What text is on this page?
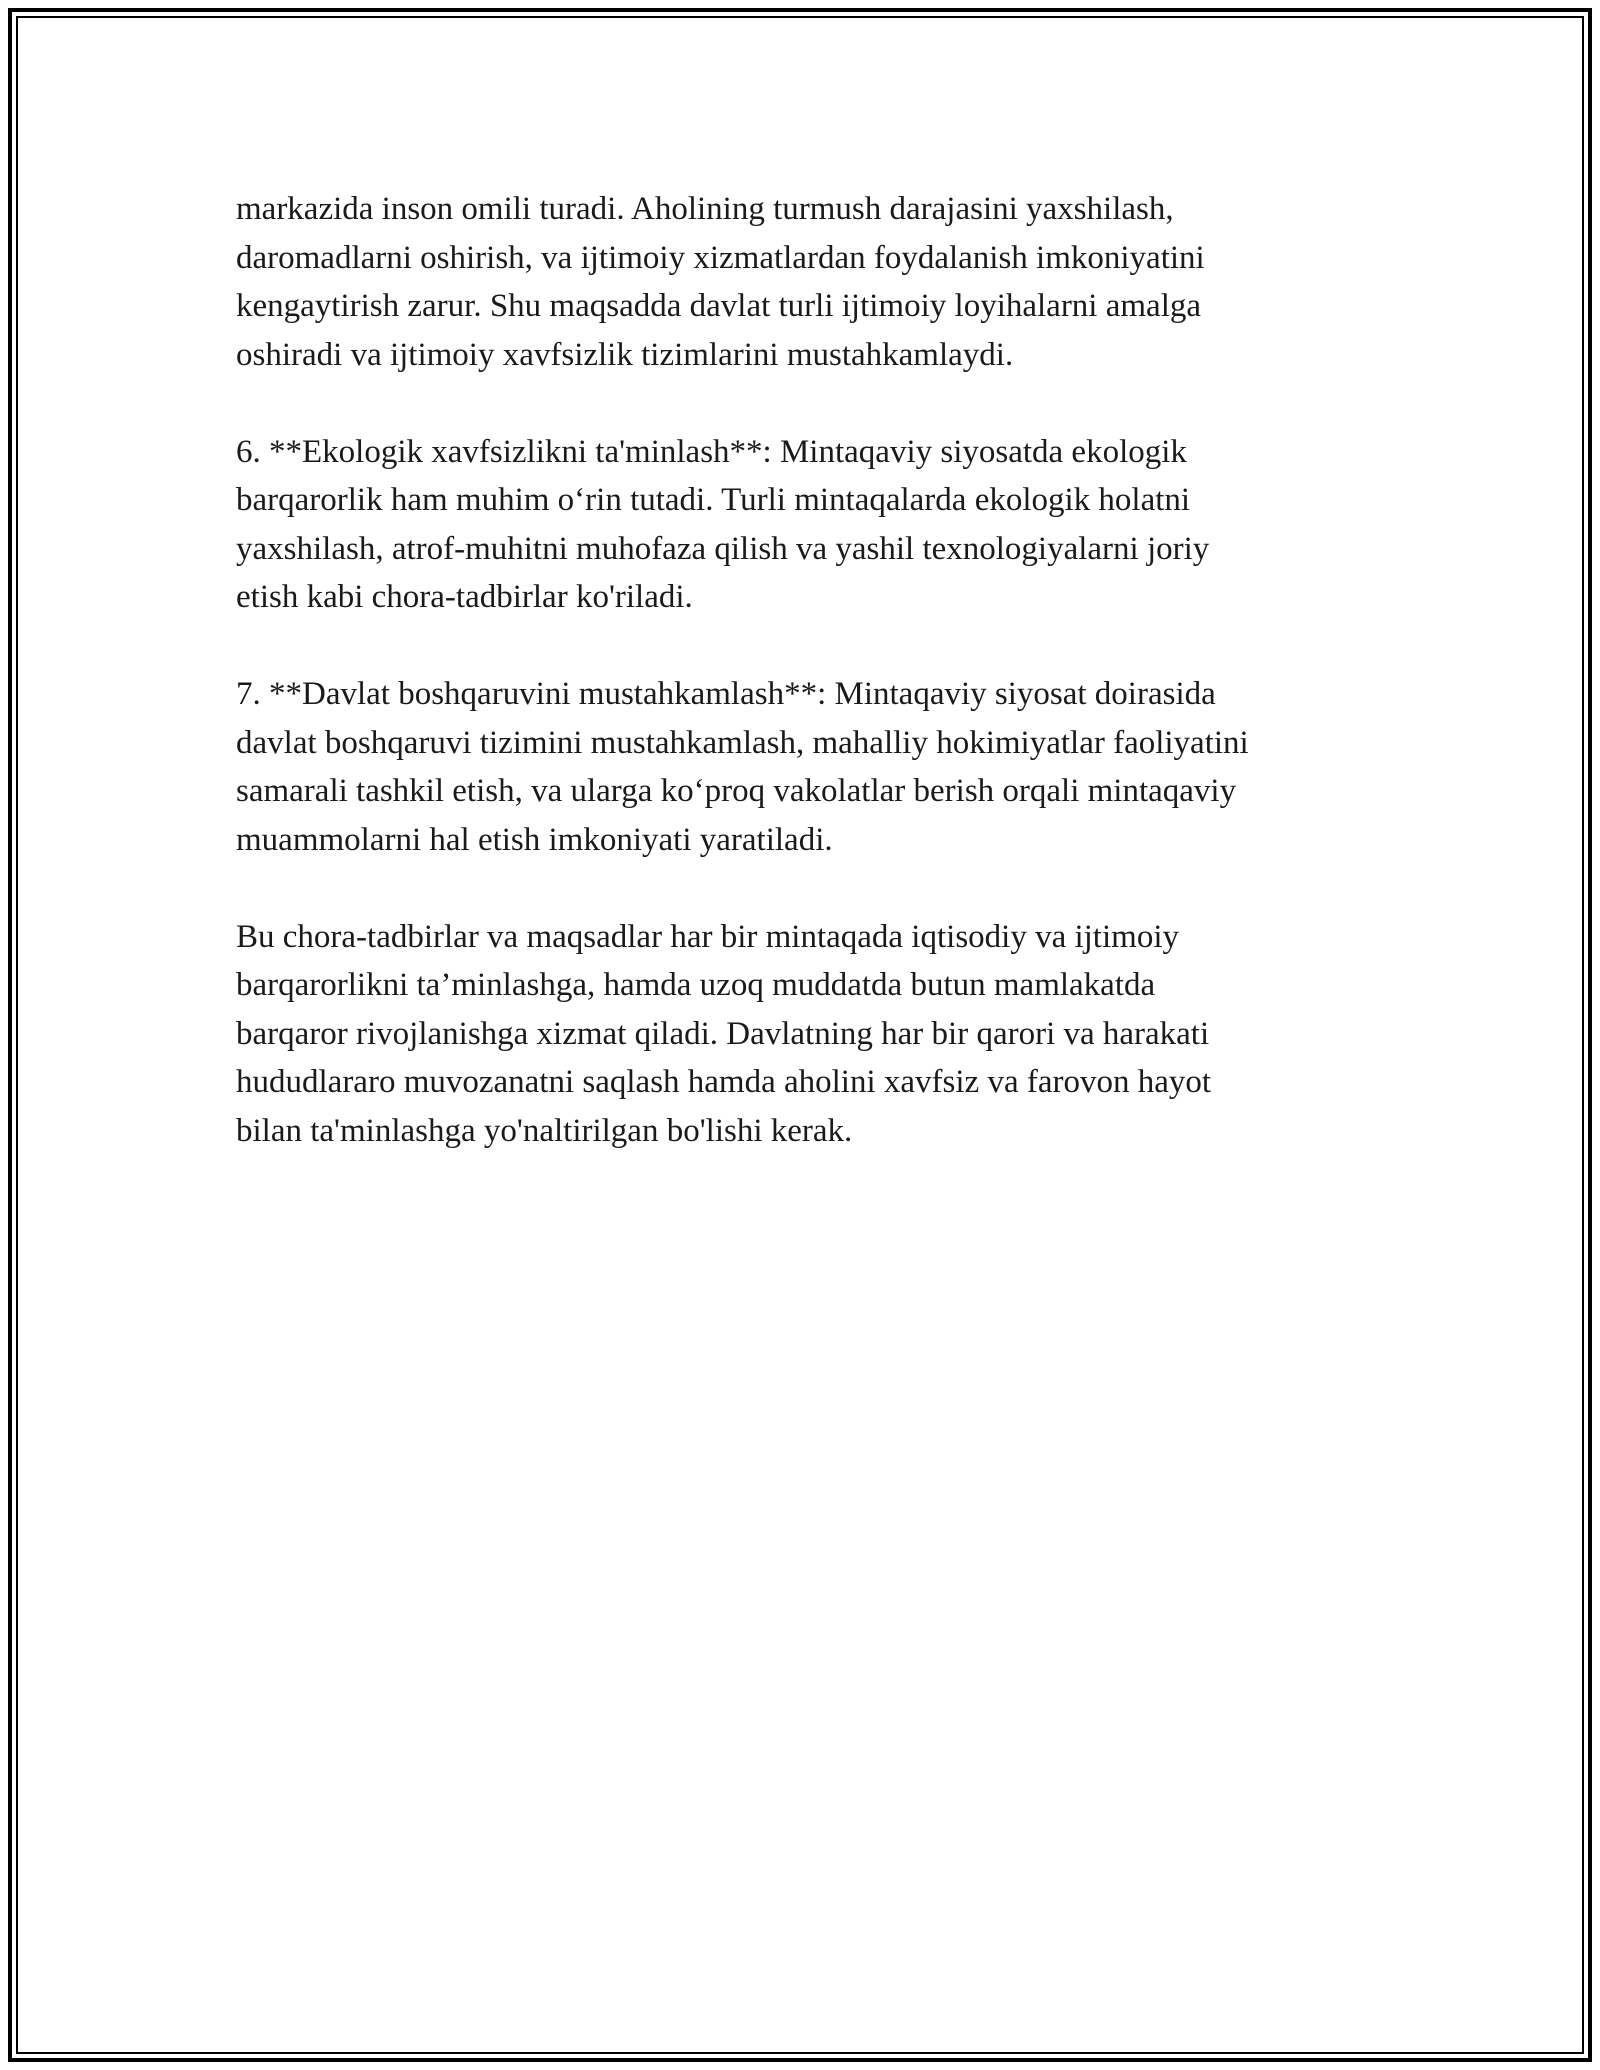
markazida inson omili turadi. Aholining turmush darajasini yaxshilash,
daromadlarni oshirish, va ijtimoiy xizmatlardan foydalanish imkoniyatini
kengaytirish zarur. Shu maqsadda davlat turli ijtimoiy loyihalarni amalga
oshiradi va ijtimoiy xavfsizlik tizimlarini mustahkamlaydi.

6. **Ekologik xavfsizlikni ta'minlash**: Mintaqaviy siyosatda ekologik
barqarorlik ham muhim o‘rin tutadi. Turli mintaqalarda ekologik holatni
yaxshilash, atrof-muhitni muhofaza qilish va yashil texnologiyalarni joriy
etish kabi chora-tadbirlar ko'riladi.

7. **Davlat boshqaruvini mustahkamlash**: Mintaqaviy siyosat doirasida
davlat boshqaruvi tizimini mustahkamlash, mahalliy hokimiyatlar faoliyatini
samarali tashkil etish, va ularga ko‘proq vakolatlar berish orqali mintaqaviy
muammolarni hal etish imkoniyati yaratiladi.

Bu chora-tadbirlar va maqsadlar har bir mintaqada iqtisodiy va ijtimoiy
barqarorlikni ta’minlashga, hamda uzoq muddatda butun mamlakatda
barqaror rivojlanishga xizmat qiladi. Davlatning har bir qarori va harakati
hududlararo muvozanatni saqlash hamda aholini xavfsiz va farovon hayot
bilan ta'minlashga yo'naltirilgan bo'lishi kerak.
